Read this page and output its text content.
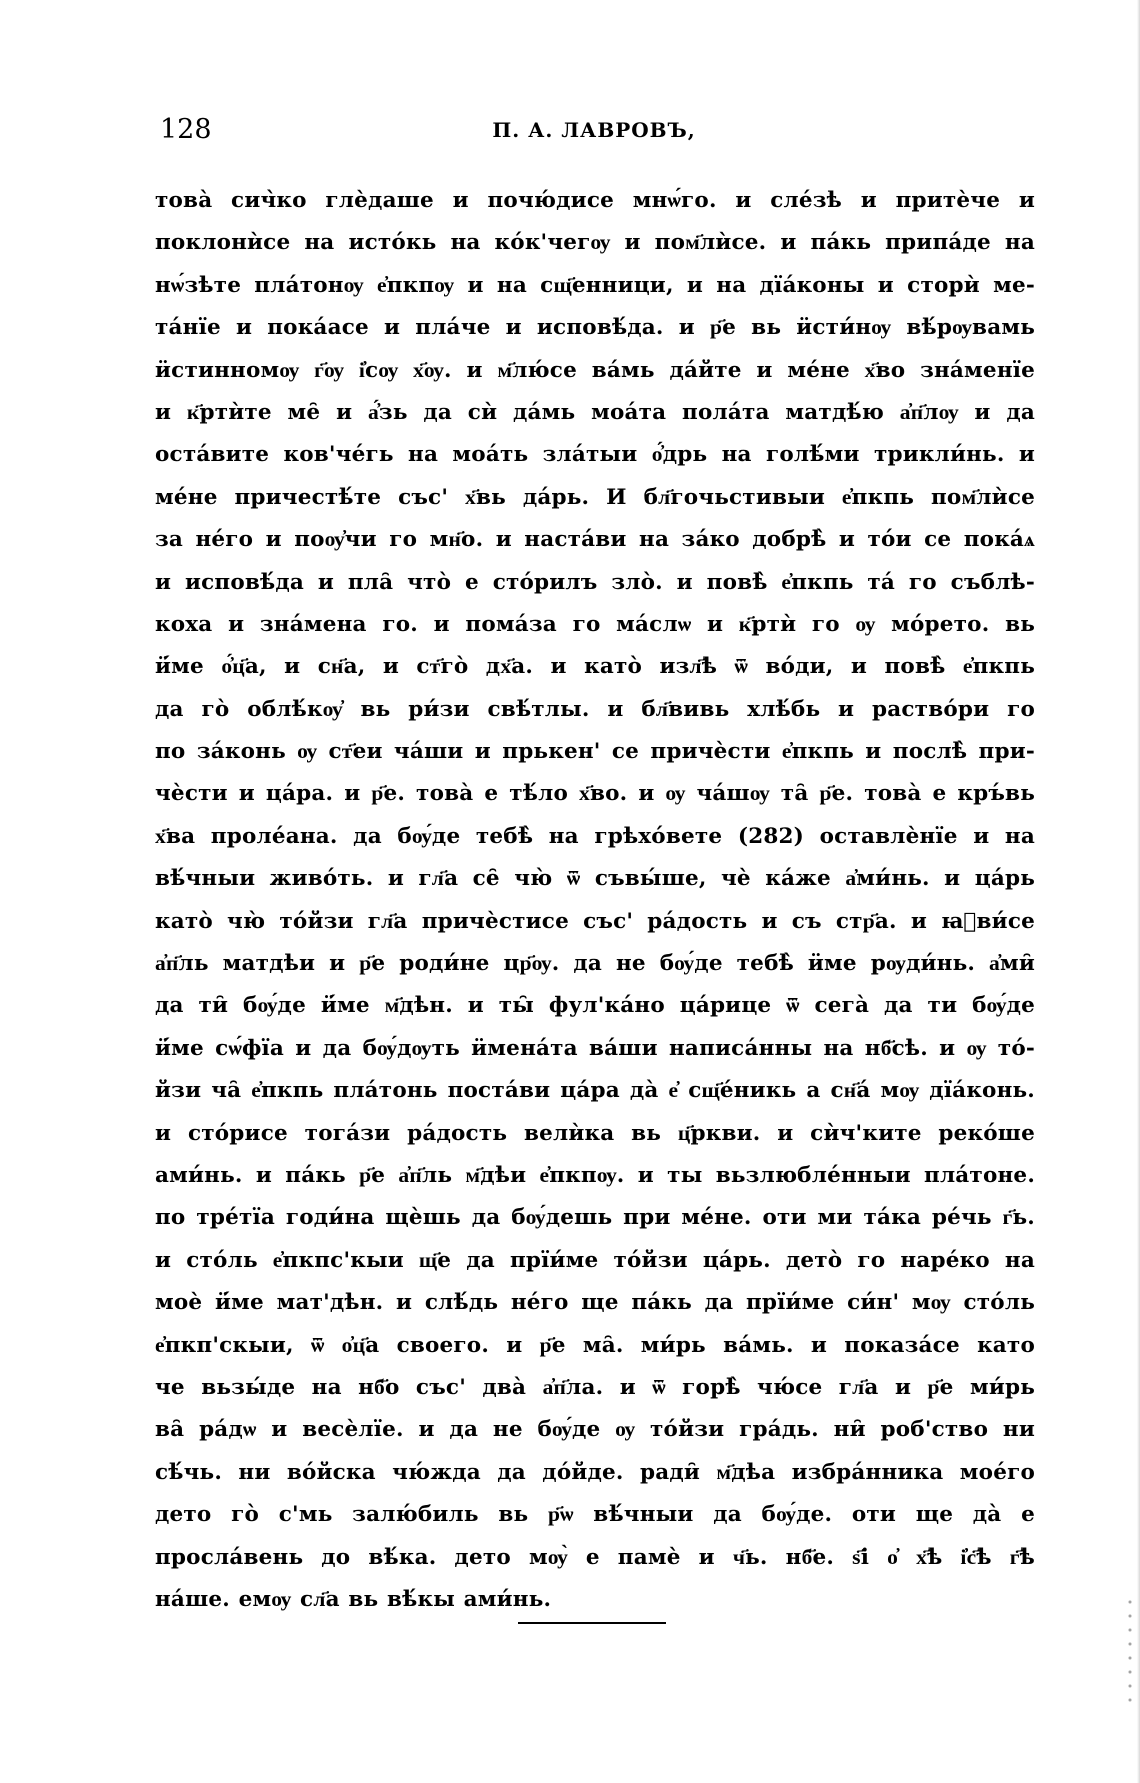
128	П. А. ЛАВРОВЪ,
това̀ сич̀ко глѐдаше и почю́дисе мнѡ́го. и сле́зѣ и притѐче и
поклонѝсе на исто́кь на ко́к'чегѹ и пом҃лѝсе. и па́кь припа́де на
нѡ́зѣте пла́тонѹ е҆пкпѹ и на сщ҃енници, и на дїа́коны и сторѝ ме-
та́нїе и пока́асе и пла́че и исповѣ́да. и р҃е вь ӥсти́нѹ вѣ́рѹвамь
ӥстинномѹ г҃ѹ і҆сѹ х҃ѹ. и м҃лю́се ва́мь да́йте и ме́не х҃во зна́менїе
и к҃ртѝте ме̑ и а҆́зь да сѝ да́мь моа́та пола́та матдѣ́ю а҆п҃лѹ и да
оста́вите ков'че́гь на моа́ть зла́тыи о҆́дрь на голѣ́ми трикли́нь. и
ме́не причестѣ́те със' х҃вь да́рь. И бл҃гочьстивыи е҆пкпь пом҃лѝсе
за не́го и поѹ҆чи го мн҃о. и наста́ви на за́ко добрѣ̀ и то́и се пока́ѧ
и исповѣ́да и пла̑ что̀ е сто́рилъ зло̀. и повѣ̀ е҆пкпь та́ го съблѣ-
коха и зна́мена го. и пома́за го ма́слѡ и к҃ртѝ го ѹ мо́рето. вь
ӥ́ме о҆́ц҃а, и сн҃а, и ст҃го̀ дх҃а. и като̀ изл҃ѣ ѿ во́ди, и повѣ̀ е҆пкпь
да го̀ облѣ́кѹ҆ вь ри́зи свѣ́тлы. и бл҃вивь хлѣ́бь и раство́ри го
по за́конь ѹ ст҃еи ча́ши и прькен' се причѐсти е҆пкпь и послѣ̀ при-
чѐсти и ца́ра. и р҃е. това̀ е тѣ́ло х҃во. и ѹ ча́шѹ та̑ р҃е. това̀ е кръ́вь
х҃ва проле́ана. да бѹ́де тебѣ̀ на грѣхо́вете (282) оставлѐнїе и на
вѣ́чныи живо́ть. и гл҃а се̑ чю̀ ѿ съвы́ше, чѐ ка́же а҆ми́нь. и ца́рь
като̀ чю̀ то́йзи гл҃а причѐстисе със' ра́дость и съ стр҃а. и ꙗ҆ви́се
а҆п҃ль матдѣи и р҃е роди́не цр҃ѹ. да не бѹ́де тебѣ̀ ӥме рѹди́нь. а҆ми̑
да ти̑ бѹ́де ӥ́ме м҃дѣн. и ты̑ фул'ка́но ца́рице ѿ сега̀ да ти бѹ́де
ӥ́ме сѡ́фїа и да бѹ́дѹть ӥмена́та ва́ши написа́нны на нб҃сѣ. и ѹ то́-
йзи ча̑ е҆пкпь пла́тонь поста́ви ца́ра да̀ е҆ сщ҃е́никь а сн҃а́ мѹ дїа́конь.
и сто́рисе тога́зи ра́дость велѝка вь ц҃ркви. и сѝч'ките реко́ше
ами́нь. и па́кь р҃е а҆п҃ль м҃дѣи е҆пкпѹ. и ты вьзлюбле́нныи пла́тоне.
по тре́тїа годи́на щѐшь да бѹ́дешь при ме́не. оти ми та́ка ре́чь г҃ь.
и сто́ль е҆пкпс'кыи щ҃е да прїи́ме то́йзи ца́рь. дето̀ го наре́ко на
моѐ ӥ́ме мат'дѣн. и слѣ́дь не́го ще па́кь да прїи́ме си́н' мѹ сто́ль
е҆пкп'скыи, ѿ о҆ц҃а своего. и р҃е ма̑. ми́рь ва́мь. и показа́се като
че вьзы́де на нб҃о със' два̀ а҆п҃ла. и ѿ горѣ̀ чю́се гл҃а и р҃е ми́рь
ва̑ ра́дѡ и весѐлїе. и да не бѹ́де ѹ то́йзи гра́дь. ни̑ роб'ство ни
сѣ́чь. ни во́йска чю́жда да до́йде. ради̑ м҃дѣа избра́нника мое́го
дето го̀ с'мь залю́биль вь р҃ѡ вѣ́чныи да бѹ́де. оти ще да̀ е
просла́вень до вѣ́ка. дето мѹ̀ е памѐ и ч҃ь. нб҃е. ѕ҃і о҆ х҃ѣ і҆с҃ѣ г҃ѣ
на́ше. емѹ сл҃а вь вѣ́кы ами́нь.
